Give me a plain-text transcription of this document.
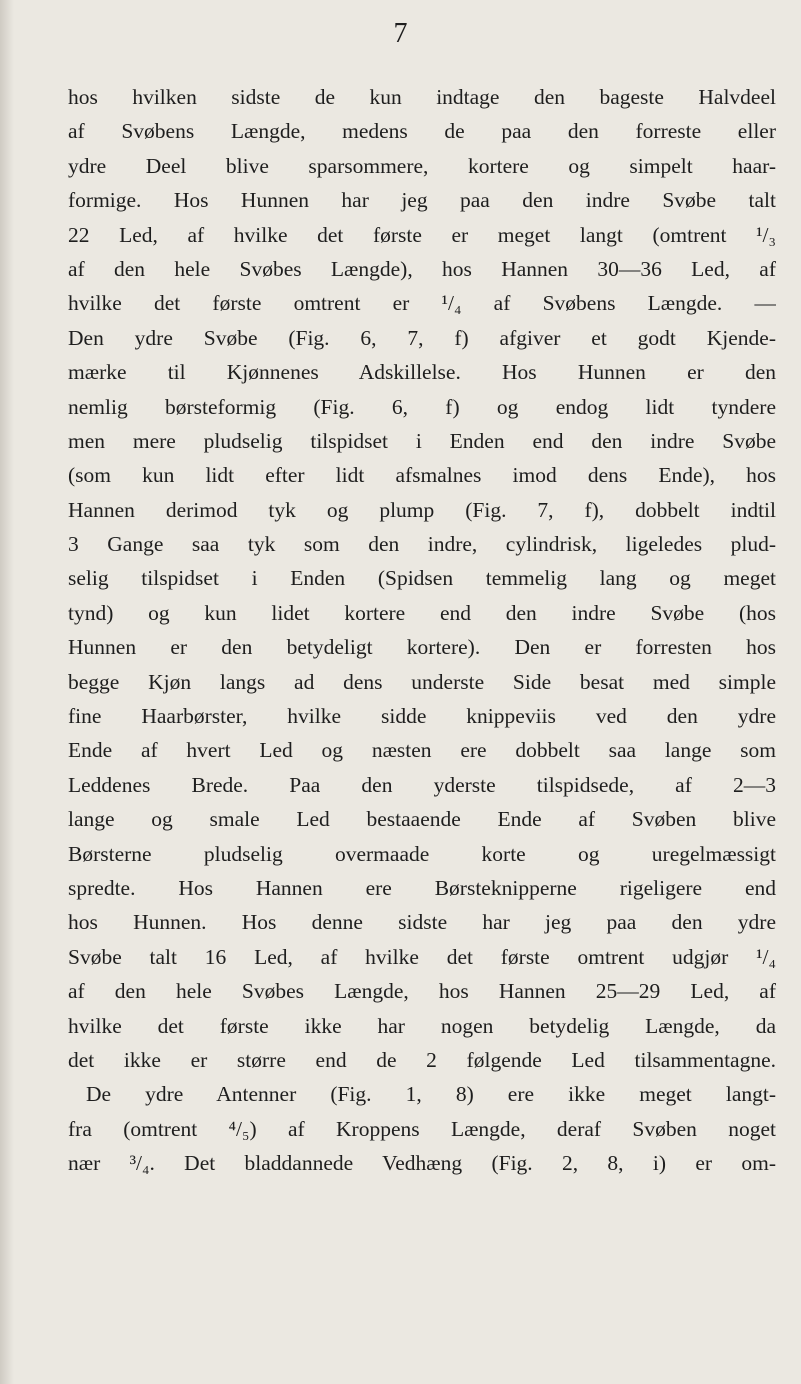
7
hos hvilken sidste de kun indtage den bageste Halvdeel
af Svøbens Længde, medens de paa den forreste eller
ydre Deel blive sparsommere, kortere og simpelt haar-
formige. Hos Hunnen har jeg paa den indre Svøbe talt
22 Led, af hvilke det første er meget langt (omtrent ¹/₃
af den hele Svøbes Længde), hos Hannen 30—36 Led, af
hvilke det første omtrent er ¹/₄ af Svøbens Længde. —
Den ydre Svøbe (Fig. 6, 7, f) afgiver et godt Kjende-
mærke til Kjønnenes Adskillelse. Hos Hunnen er den
nemlig børsteformig (Fig. 6, f) og endog lidt tyndere
men mere pludselig tilspidset i Enden end den indre Svøbe
(som kun lidt efter lidt afsmalnes imod dens Ende), hos
Hannen derimod tyk og plump (Fig. 7, f), dobbelt indtil
3 Gange saa tyk som den indre, cylindrisk, ligeledes plud-
selig tilspidset i Enden (Spidsen temmelig lang og meget
tynd) og kun lidet kortere end den indre Svøbe (hos
Hunnen er den betydeligt kortere). Den er forresten hos
begge Kjøn langs ad dens underste Side besat med simple
fine Haarbørster, hvilke sidde knippeviis ved den ydre
Ende af hvert Led og næsten ere dobbelt saa lange som
Leddenes Brede. Paa den yderste tilspidsede, af 2—3
lange og smale Led bestaaende Ende af Svøben blive
Børsterne pludselig overmaade korte og uregelmæssigt
spredte. Hos Hannen ere Børsteknipperne rigeligere end
hos Hunnen. Hos denne sidste har jeg paa den ydre
Svøbe talt 16 Led, af hvilke det første omtrent udgjør ¹/₄
af den hele Svøbes Længde, hos Hannen 25—29 Led, af
hvilke det første ikke har nogen betydelig Længde, da
det ikke er større end de 2 følgende Led tilsammentagne.
De ydre Antenner (Fig. 1, 8) ere ikke meget langt-
fra (omtrent ⁴/₅) af Kroppens Længde, deraf Svøben noget
nær ³/₄. Det bladdannede Vedhæng (Fig. 2, 8, i) er om-
